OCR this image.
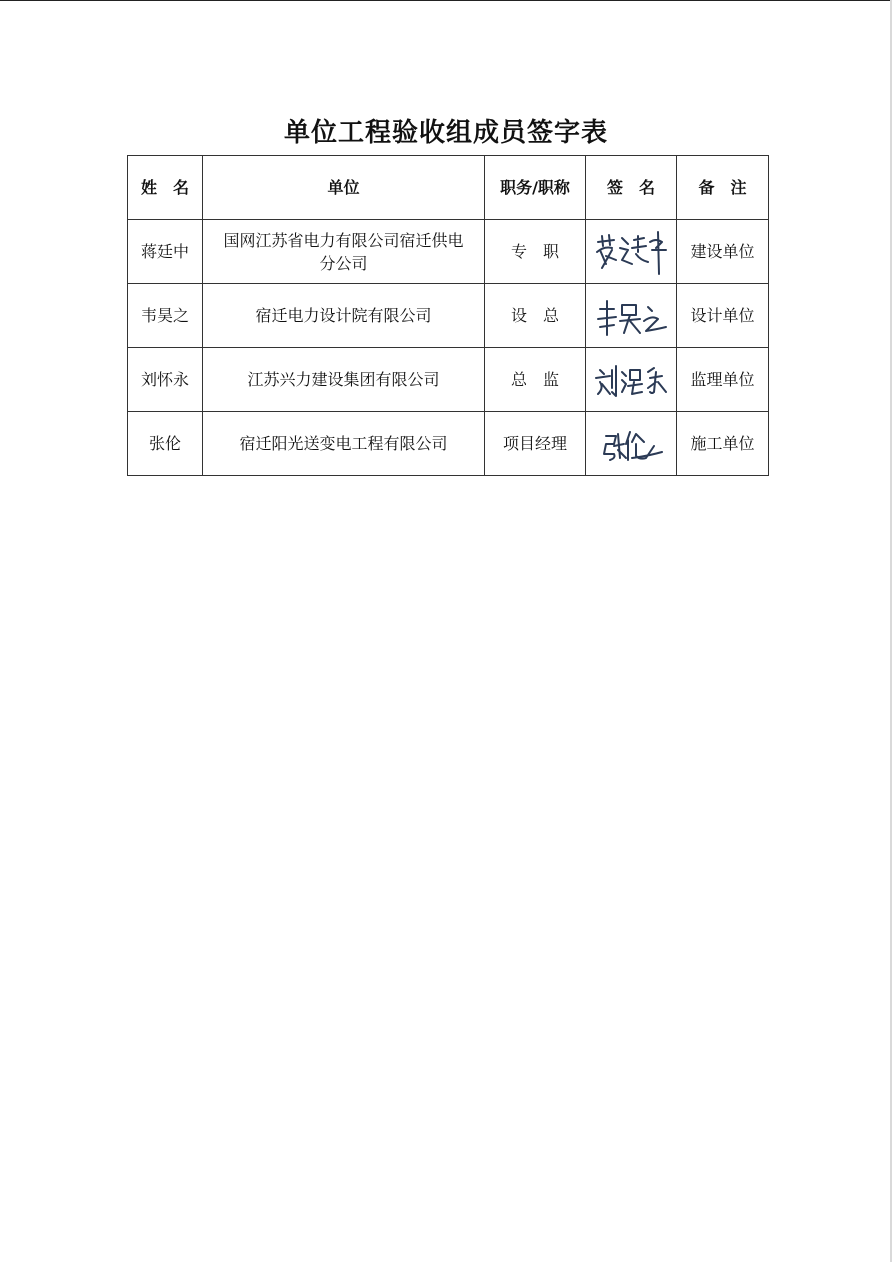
单位工程验收组成员签字表
姓　名	单位	职务/职称	签　名	备　注
蒋廷中	国网江苏省电力有限公司宿迁供电分公司	专　职		建设单位
韦昊之	宿迁电力设计院有限公司	设　总		设计单位
刘怀永	江苏兴力建设集团有限公司	总　监		监理单位
张伦	宿迁阳光送变电工程有限公司	项目经理		施工单位
